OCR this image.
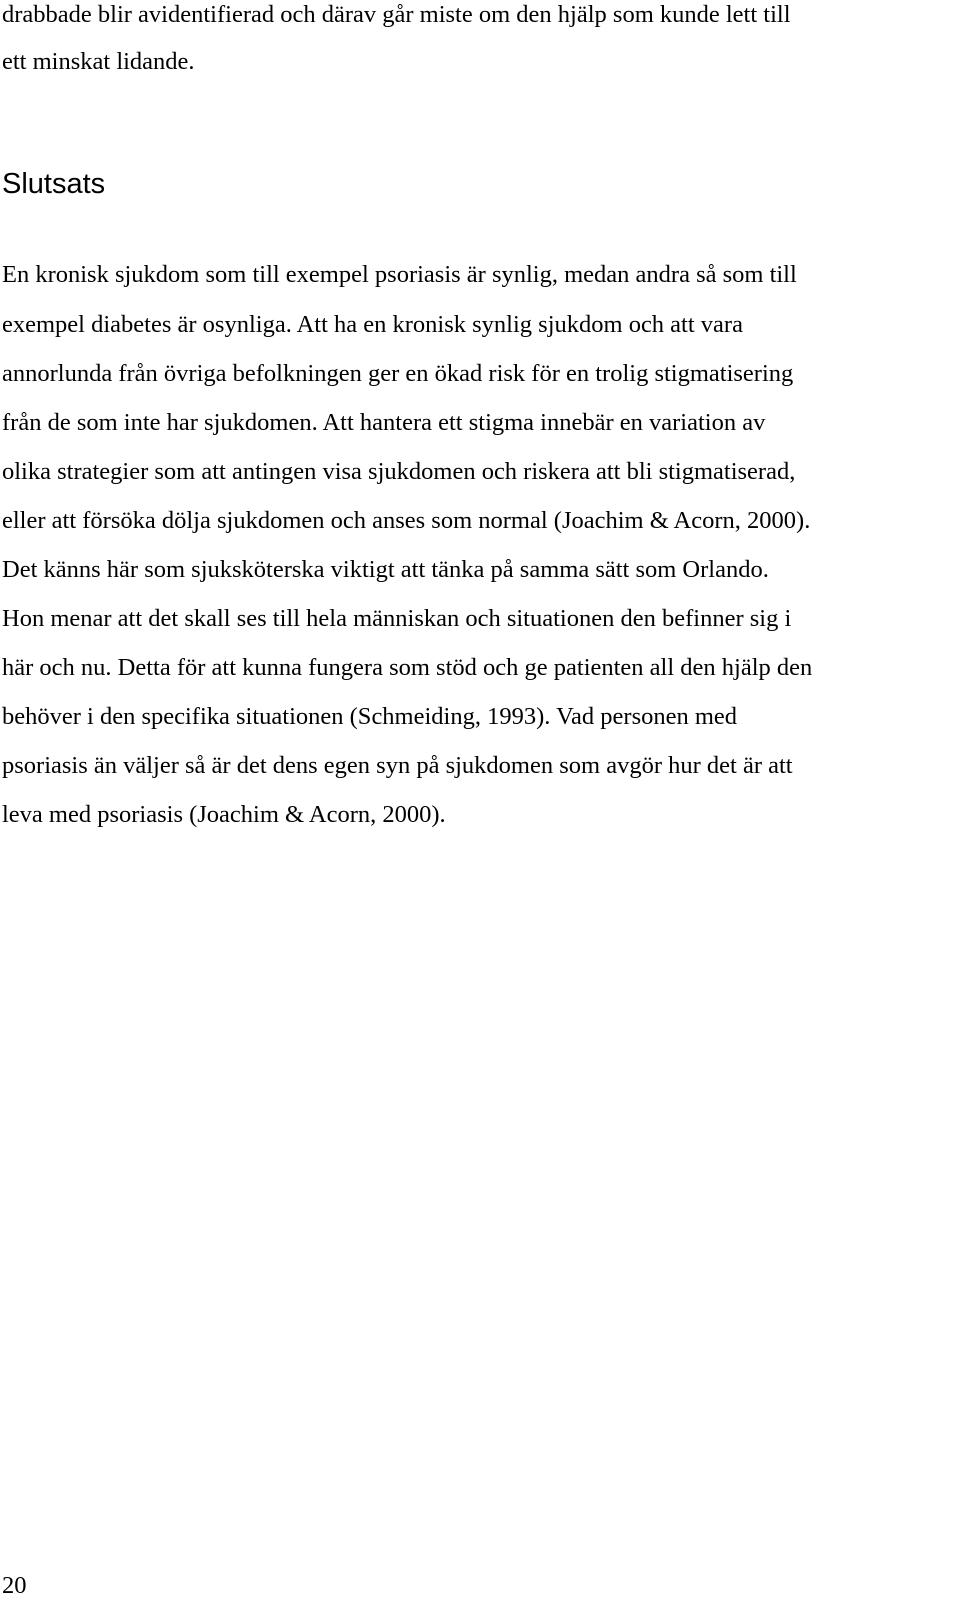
drabbade blir avidentifierad och därav går miste om den hjälp som kunde lett till

ett minskat lidande.

Slutsats

En kronisk sjukdom som till exempel psoriasis är synlig, medan andra så som till

exempel diabetes är osynliga. Att ha en kronisk synlig sjukdom och att vara

annorlunda från övriga befolkningen ger en ökad risk för en trolig stigmatisering

från de som inte har sjukdomen. Att hantera ett stigma innebär en variation av

olika strategier som att antingen visa sjukdomen och riskera att bli stigmatiserad,

eller att försöka dölja sjukdomen och anses som normal (Joachim & Acorn, 2000).

Det känns här som sjuksköterska viktigt att tänka på samma sätt som Orlando.

Hon menar att det skall ses till hela människan och situationen den befinner sig i

här och nu. Detta för att kunna fungera som stöd och ge patienten all den hjälp den

behöver i den specifika situationen (Schmeiding, 1993). Vad personen med

psoriasis än väljer så är det dens egen syn på sjukdomen som avgör hur det är att

leva med psoriasis (Joachim & Acorn, 2000).

20
